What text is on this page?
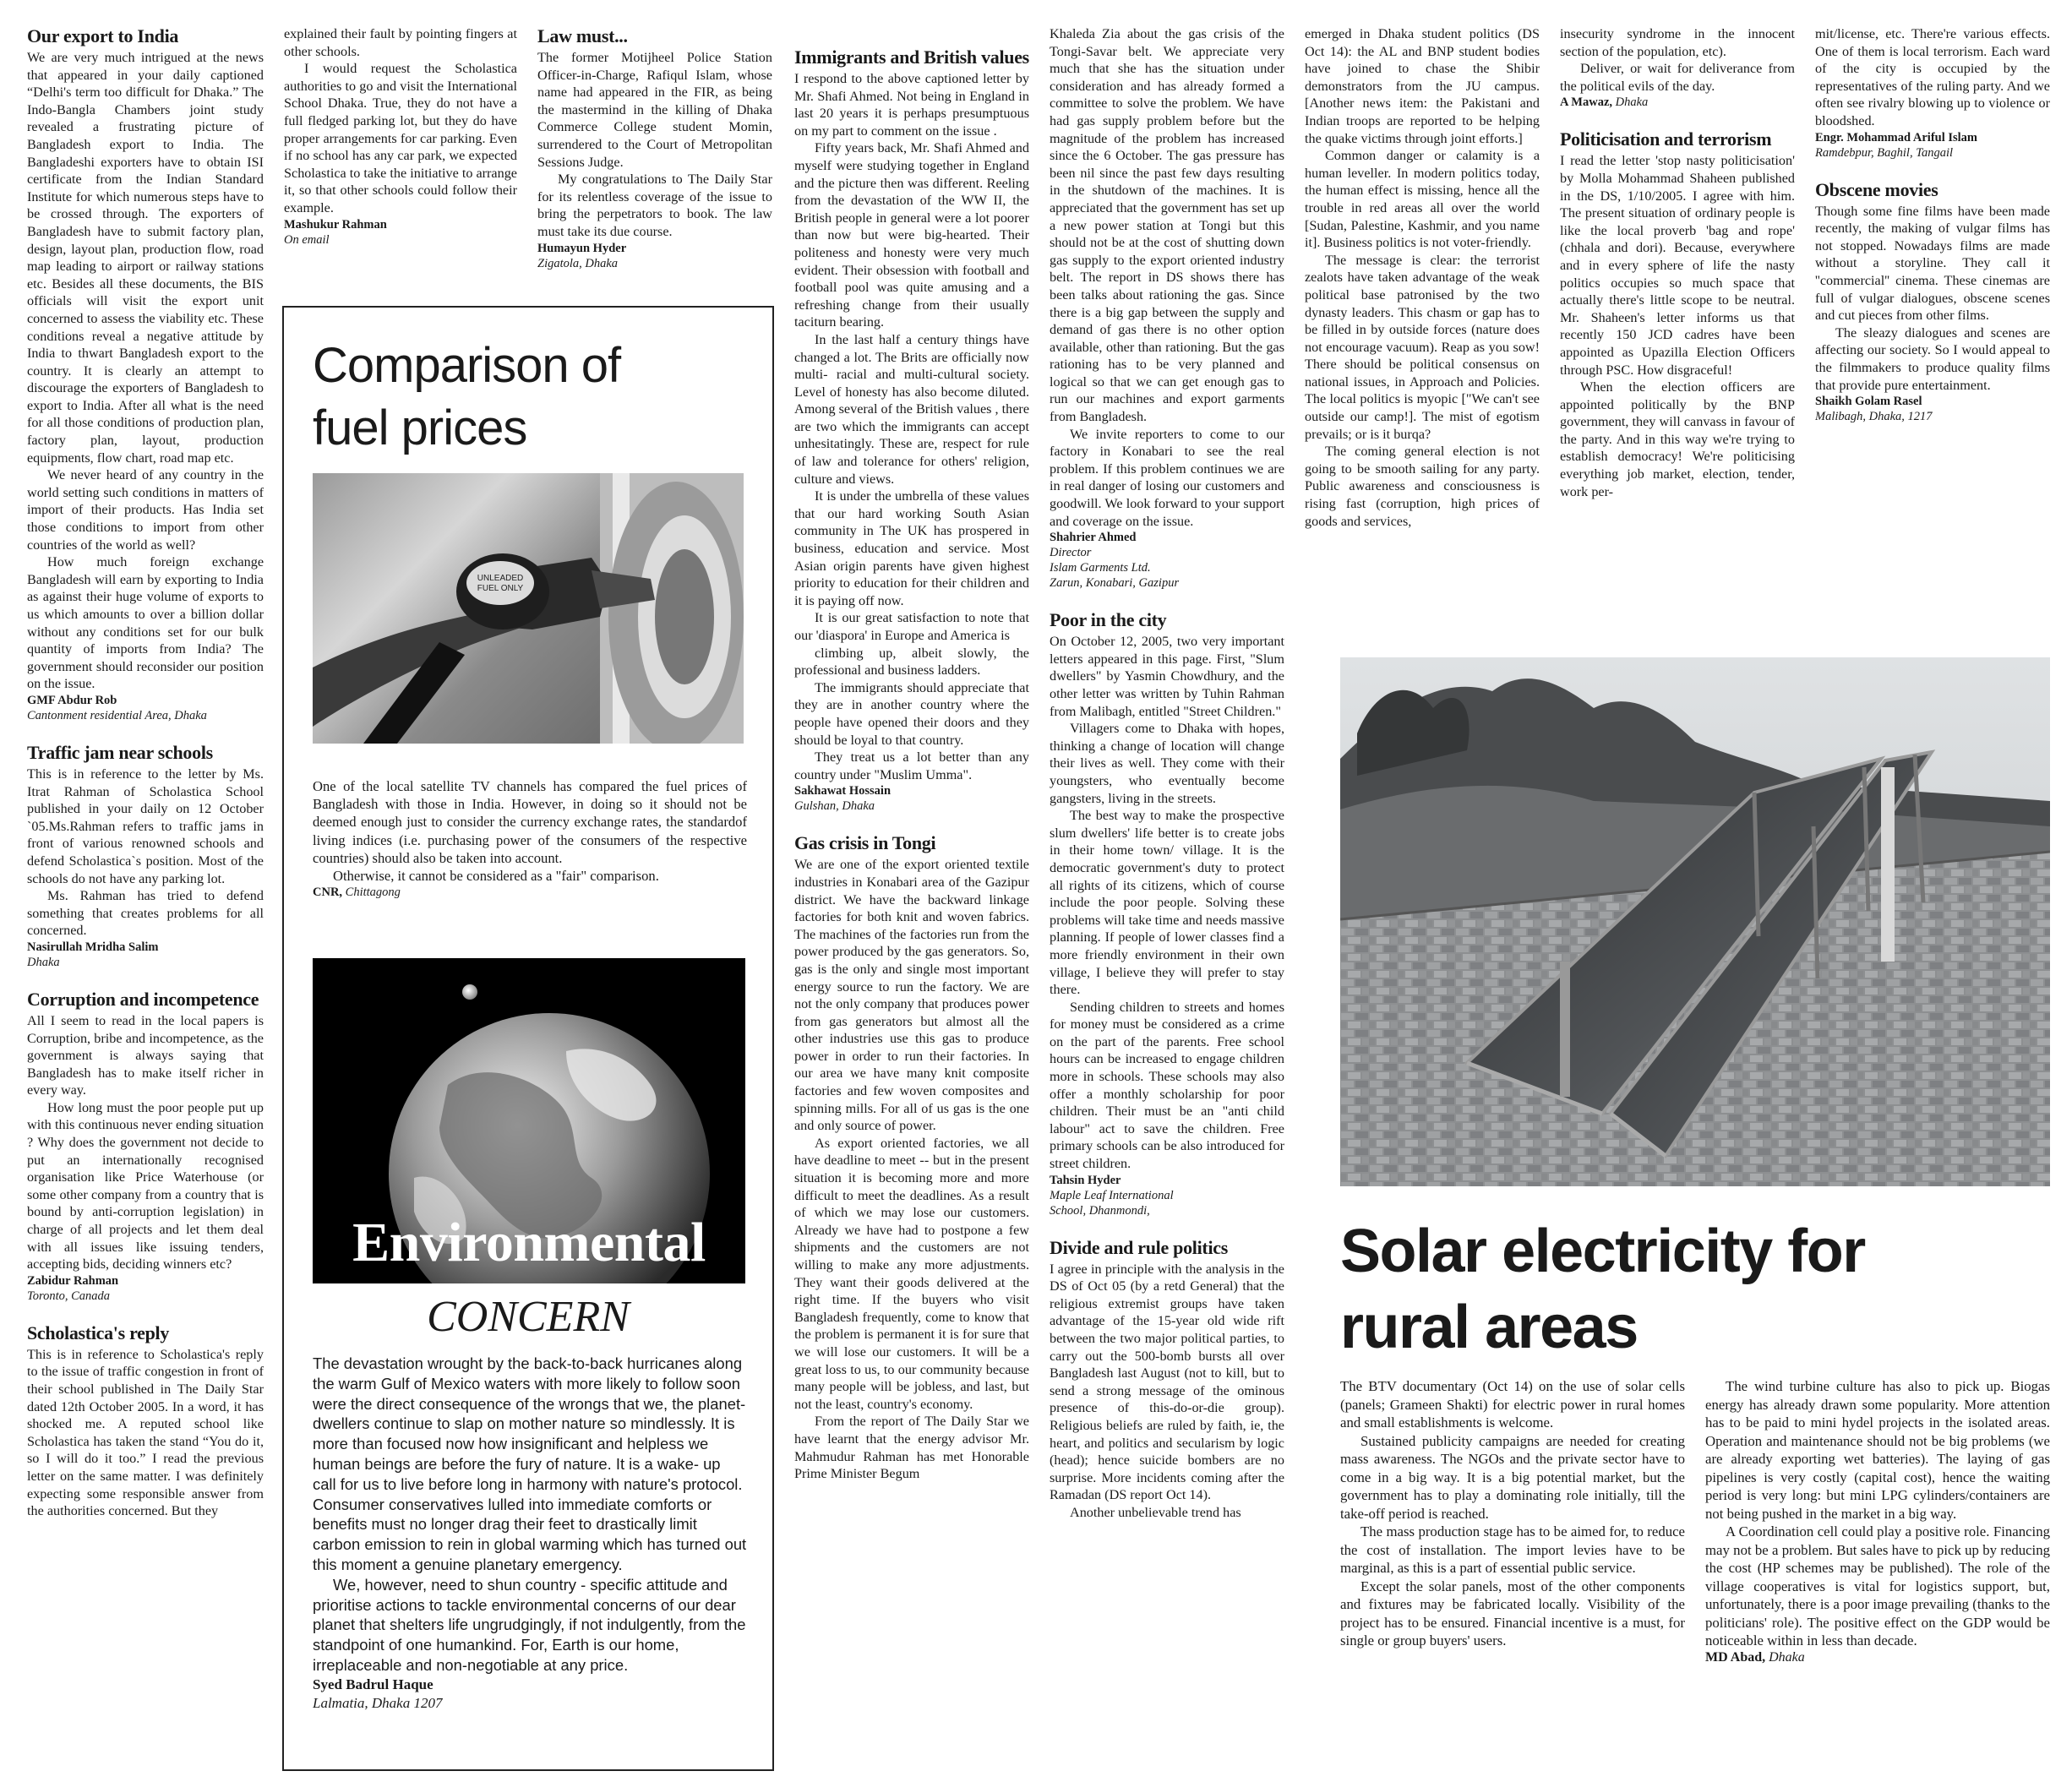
Our export to India

We are very much intrigued at the news that appeared in your daily captioned “Delhi's term too difficult for Dhaka.” The Indo-Bangla Chambers joint study revealed a frustrating picture of Bangladesh export to India. The Bangladeshi exporters have to obtain ISI certificate from the Indian Standard Institute for which numerous steps have to be crossed through. The exporters of Bangladesh have to submit factory plan, design, layout plan, production flow, road map leading to airport or railway stations etc. Besides all these documents, the BIS officials will visit the export unit concerned to assess the viability etc. These conditions reveal a negative attitude by India to thwart Bangladesh export to the country. It is clearly an attempt to discourage the exporters of Bangladesh to export to India. After all what is the need for all those conditions of production plan, factory plan, layout, production equipments, flow chart, road map etc.

We never heard of any country in the world setting such conditions in matters of import of their products. Has India set those conditions to import from other countries of the world as well?

How much foreign exchange Bangladesh will earn by exporting to India as against their huge volume of exports to us which amounts to over a billion dollar without any conditions set for our bulk quantity of imports from India? The government should reconsider our position on the issue.

GMF Abdur Rob

Cantonment residential Area, Dhaka

Traffic jam near schools

This is in reference to the letter by Ms. Itrat Rahman of Scholastica School published in your daily on 12 October `05.Ms.Rahman refers to traffic jams in front of various renowned schools and defend Scholastica`s position. Most of the schools do not have any parking lot.

Ms. Rahman has tried to defend something that creates problems for all concerned.

Nasirullah Mridha Salim

Dhaka

Corruption and incompetence

All I seem to read in the local papers is Corruption, bribe and incompetence, as the government is always saying that Bangladesh has to make itself richer in every way.

How long must the poor people put up with this continuous never ending situation ? Why does the government not decide to put an internationally recognised organisation like Price Waterhouse (or some other company from a country that is bound by anti-corruption legislation) in charge of all projects and let them deal with all issues like issuing tenders, accepting bids, deciding winners etc?

Zabidur Rahman

Toronto, Canada

Scholastica's reply

This is in reference to Scholastica's reply to the issue of traffic congestion in front of their school published in The Daily Star dated 12th October 2005. In a word, it has shocked me. A reputed school like Scholastica has taken the stand “You do it, so I will do it too.” I read the previous letter on the same matter. I was definitely expecting some responsible answer from the authorities concerned. But they

explained their fault by pointing fingers at other schools.

I would request the Scholastica authorities to go and visit the International School Dhaka. True, they do not have a full fledged parking lot, but they do have proper arrangements for car parking. Even if no school has any car park, we expected Scholastica to take the initiative to arrange it, so that other schools could follow their example.

Mashukur Rahman

On email

Law must...

The former Motijheel Police Station Officer-in-Charge, Rafiqul Islam, whose name had appeared in the FIR, as being the mastermind in the killing of Dhaka Commerce College student Momin, surrendered to the Court of Metropolitan Sessions Judge.

My congratulations to The Daily Star for its relentless coverage of the issue to bring the perpetrators to book. The law must take its due course.

Humayun Hyder

Zigatola, Dhaka

Comparison of
fuel prices
UNLEADED
FUEL ONLY

One of the local satellite TV channels has compared the fuel prices of Bangladesh with those in India. However, in doing so it should not be deemed enough just to consider the currency exchange rates, the standardof living indices (i.e. purchasing power of the consumers of the respective countries) should also be taken into account.

Otherwise, it cannot be considered as a "fair" comparison.

CNR, Chittagong

Environmental
CONCERN

The devastation wrought by the back-to-back hurricanes along the warm Gulf of Mexico waters with more likely to follow soon were the direct consequence of the wrongs that we, the planet-dwellers continue to slap on mother nature so mindlessly. It is more than focused now how insignificant and helpless we human beings are before the fury of nature. It is a wake- up call for us to live before long in harmony with nature's protocol. Consumer conservatives lulled into immediate comforts or benefits must no longer drag their feet to drastically limit carbon emission to rein in global warming which has turned out this moment a genuine planetary emergency.

We, however, need to shun country - specific attitude and prioritise actions to tackle environmental concerns of our dear planet that shelters life ungrudgingly, if not indulgently, from the standpoint of one humankind. For, Earth is our home, irreplaceable and non-negotiable at any price.

Syed Badrul Haque

Lalmatia, Dhaka 1207

Immigrants and British values

I respond to the above captioned letter by Mr. Shafi Ahmed. Not being in England in last 20 years it is perhaps presumptuous on my part to comment on the issue .

Fifty years back, Mr. Shafi Ahmed and myself were studying together in England and the picture then was different. Reeling from the devastation of the WW II, the British people in general were a lot poorer than now but were big-hearted. Their politeness and honesty were very much evident. Their obsession with football and football pool was quite amusing and a refreshing change from their usually taciturn bearing.

In the last half a century things have changed a lot. The Brits are officially now multi- racial and multi-cultural society. Level of honesty has also become diluted. Among several of the British values , there are two which the immigrants can accept unhesitatingly. These are, respect for rule of law and tolerance for others' religion, culture and views.

It is under the umbrella of these values that our hard working South Asian community in The UK has prospered in business, education and service. Most Asian origin parents have given highest priority to education for their children and it is paying off now.

It is our great satisfaction to note that our 'diaspora' in Europe and America is

climbing up, albeit slowly, the professional and business ladders.

The immigrants should appreciate that they are in another country where the people have opened their doors and they should be loyal to that country.

They treat us a lot better than any country under "Muslim Umma".

Sakhawat Hossain

Gulshan, Dhaka

Gas crisis in Tongi

We are one of the export oriented textile industries in Konabari area of the Gazipur district. We have the backward linkage factories for both knit and woven fabrics. The machines of the factories run from the power produced by the gas generators. So, gas is the only and single most important energy source to run the factory. We are not the only company that produces power from gas generators but almost all the other industries use this gas to produce power in order to run their factories. In our area we have many knit composite factories and few woven composites and spinning mills. For all of us gas is the one and only source of power.

As export oriented factories, we all have deadline to meet -- but in the present situation it is becoming more and more difficult to meet the deadlines. As a result of which we may lose our customers. Already we have had to postpone a few shipments and the customers are not willing to make any more adjustments. They want their goods delivered at the right time. If the buyers who visit Bangladesh frequently, come to know that the problem is permanent it is for sure that we will lose our customers. It will be a great loss to us, to our community because many people will be jobless, and last, but not the least, country's economy.

From the report of The Daily Star we have learnt that the energy advisor Mr. Mahmudur Rahman has met Honorable Prime Minister Begum

Khaleda Zia about the gas crisis of the Tongi-Savar belt. We appreciate very much that she has the situation under consideration and has already formed a committee to solve the problem. We have had gas supply problem before but the magnitude of the problem has increased since the 6 October. The gas pressure has been nil since the past few days resulting in the shutdown of the machines. It is appreciated that the government has set up a new power station at Tongi but this should not be at the cost of shutting down gas supply to the export oriented industry belt. The report in DS shows there has been talks about rationing the gas. Since there is a big gap between the supply and demand of gas there is no other option available, other than rationing. But the gas rationing has to be very planned and logical so that we can get enough gas to run our machines and export garments from Bangladesh.

We invite reporters to come to our factory in Konabari to see the real problem. If this problem continues we are in real danger of losing our customers and goodwill. We look forward to your support and coverage on the issue.

Shahrier Ahmed

Director

Islam Garments Ltd.

Zarun, Konabari, Gazipur

Poor in the city

On October 12, 2005, two very important letters appeared in this page. First, "Slum dwellers" by Yasmin Chowdhury, and the other letter was written by Tuhin Rahman from Malibagh, entitled "Street Children."

Villagers come to Dhaka with hopes, thinking a change of location will change their lives as well. They come with their youngsters, who eventually become gangsters, living in the streets.

The best way to make the prospective slum dwellers' life better is to create jobs in their home town/ village. It is the democratic government's duty to protect all rights of its citizens, which of course include the poor people. Solving these problems will take time and needs massive planning. If people of lower classes find a more friendly environment in their own village, I believe they will prefer to stay there.

Sending children to streets and homes for money must be considered as a crime on the part of the parents. Free school hours can be increased to engage children more in schools. These schools may also offer a monthly scholarship for poor children. Their must be an "anti child labour" act to save the children. Free primary schools can be also introduced for street children.

Tahsin Hyder

Maple Leaf International

School, Dhanmondi,

Divide and rule politics

I agree in principle with the analysis in the DS of Oct 05 (by a retd General) that the religious extremist groups have taken advantage of the 15-year old wide rift between the two major political parties, to carry out the 500-bomb bursts all over Bangladesh last August (not to kill, but to send a strong message of the ominous presence of this-do-or-die group). Religious beliefs are ruled by faith, ie, the heart, and politics and secularism by logic (head); hence suicide bombers are no surprise. More incidents coming after the Ramadan (DS report Oct 14).

Another unbelievable trend has

emerged in Dhaka student politics (DS Oct 14): the AL and BNP student bodies have joined to chase the Shibir demonstrators from the JU campus. [Another news item: the Pakistani and Indian troops are reported to be helping the quake victims through joint efforts.]

Common danger or calamity is a human leveller. In modern politics today, the human effect is missing, hence all the trouble in red areas all over the world [Sudan, Palestine, Kashmir, and you name it]. Business politics is not voter-friendly.

The message is clear: the terrorist zealots have taken advantage of the weak political base patronised by the two dynasty leaders. This chasm or gap has to be filled in by outside forces (nature does not encourage vacuum). Reap as you sow! There should be political consensus on national issues, in Approach and Policies. The local politics is myopic ["We can't see outside our camp!]. The mist of egotism prevails; or is it burqa?

The coming general election is not going to be smooth sailing for any party. Public awareness and consciousness is rising fast (corruption, high prices of goods and services,

insecurity syndrome in the innocent section of the population, etc).

Deliver, or wait for deliverance from the political evils of the day.

A Mawaz, Dhaka

Politicisation and terrorism

I read the letter 'stop nasty politicisation' by Molla Mohammad Shaheen published in the DS, 1/10/2005. I agree with him. The present situation of ordinary people is like the local proverb 'bag and rope' (chhala and dori). Because, everywhere and in every sphere of life the nasty politics occupies so much space that actually there's little scope to be neutral. Mr. Shaheen's letter informs us that recently 150 JCD cadres have been appointed as Upazilla Election Officers through PSC. How disgraceful!

When the election officers are appointed politically by the BNP government, they will canvass in favour of the party. And in this way we're trying to establish democracy! We're politicising everything job market, election, tender, work per-

mit/license, etc. There're various effects. One of them is local terrorism. Each ward of the city is occupied by the representatives of the ruling party. And we often see rivalry blowing up to violence or bloodshed.

Engr. Mohammad Ariful Islam

Ramdebpur, Baghil, Tangail

Obscene movies

Though some fine films have been made recently, the making of vulgar films has not stopped. Nowadays films are made without a storyline. They call it ''commercial'' cinema. These cinemas are full of vulgar dialogues, obscene scenes and cut pieces from other films.

The sleazy dialogues and scenes are affecting our society. So I would appeal to the filmmakers to produce quality films that provide pure entertainment.

Shaikh Golam Rasel

Malibagh, Dhaka, 1217

Solar electricity for
rural areas

The BTV documentary (Oct 14) on the use of solar cells (panels; Grameen Shakti) for electric power in rural homes and small establishments is welcome.

Sustained publicity campaigns are needed for creating mass awareness. The NGOs and the private sector have to come in a big way. It is a big potential market, but the government has to play a dominating role initially, till the take-off period is reached.

The mass production stage has to be aimed for, to reduce the cost of installation. The import levies have to be marginal, as this is a part of essential public service.

Except the solar panels, most of the other components and fixtures may be fabricated locally. Visibility of the project has to be ensured. Financial incentive is a must, for single or group buyers' users.

The wind turbine culture has also to pick up. Biogas energy has already drawn some popularity. More attention has to be paid to mini hydel projects in the isolated areas. Operation and maintenance should not be big problems (we are already exporting wet batteries). The laying of gas pipelines is very costly (capital cost), hence the waiting period is very long: but mini LPG cylinders/containers are not being pushed in the market in a big way.

A Coordination cell could play a positive role. Financing may not be a problem. But sales have to pick up by reducing the cost (HP schemes may be published). The role of the village cooperatives is vital for logistics support, but, unfortunately, there is a poor image prevailing (thanks to the politicians' role). The positive effect on the GDP would be noticeable within in less than decade.

MD Abad, Dhaka
